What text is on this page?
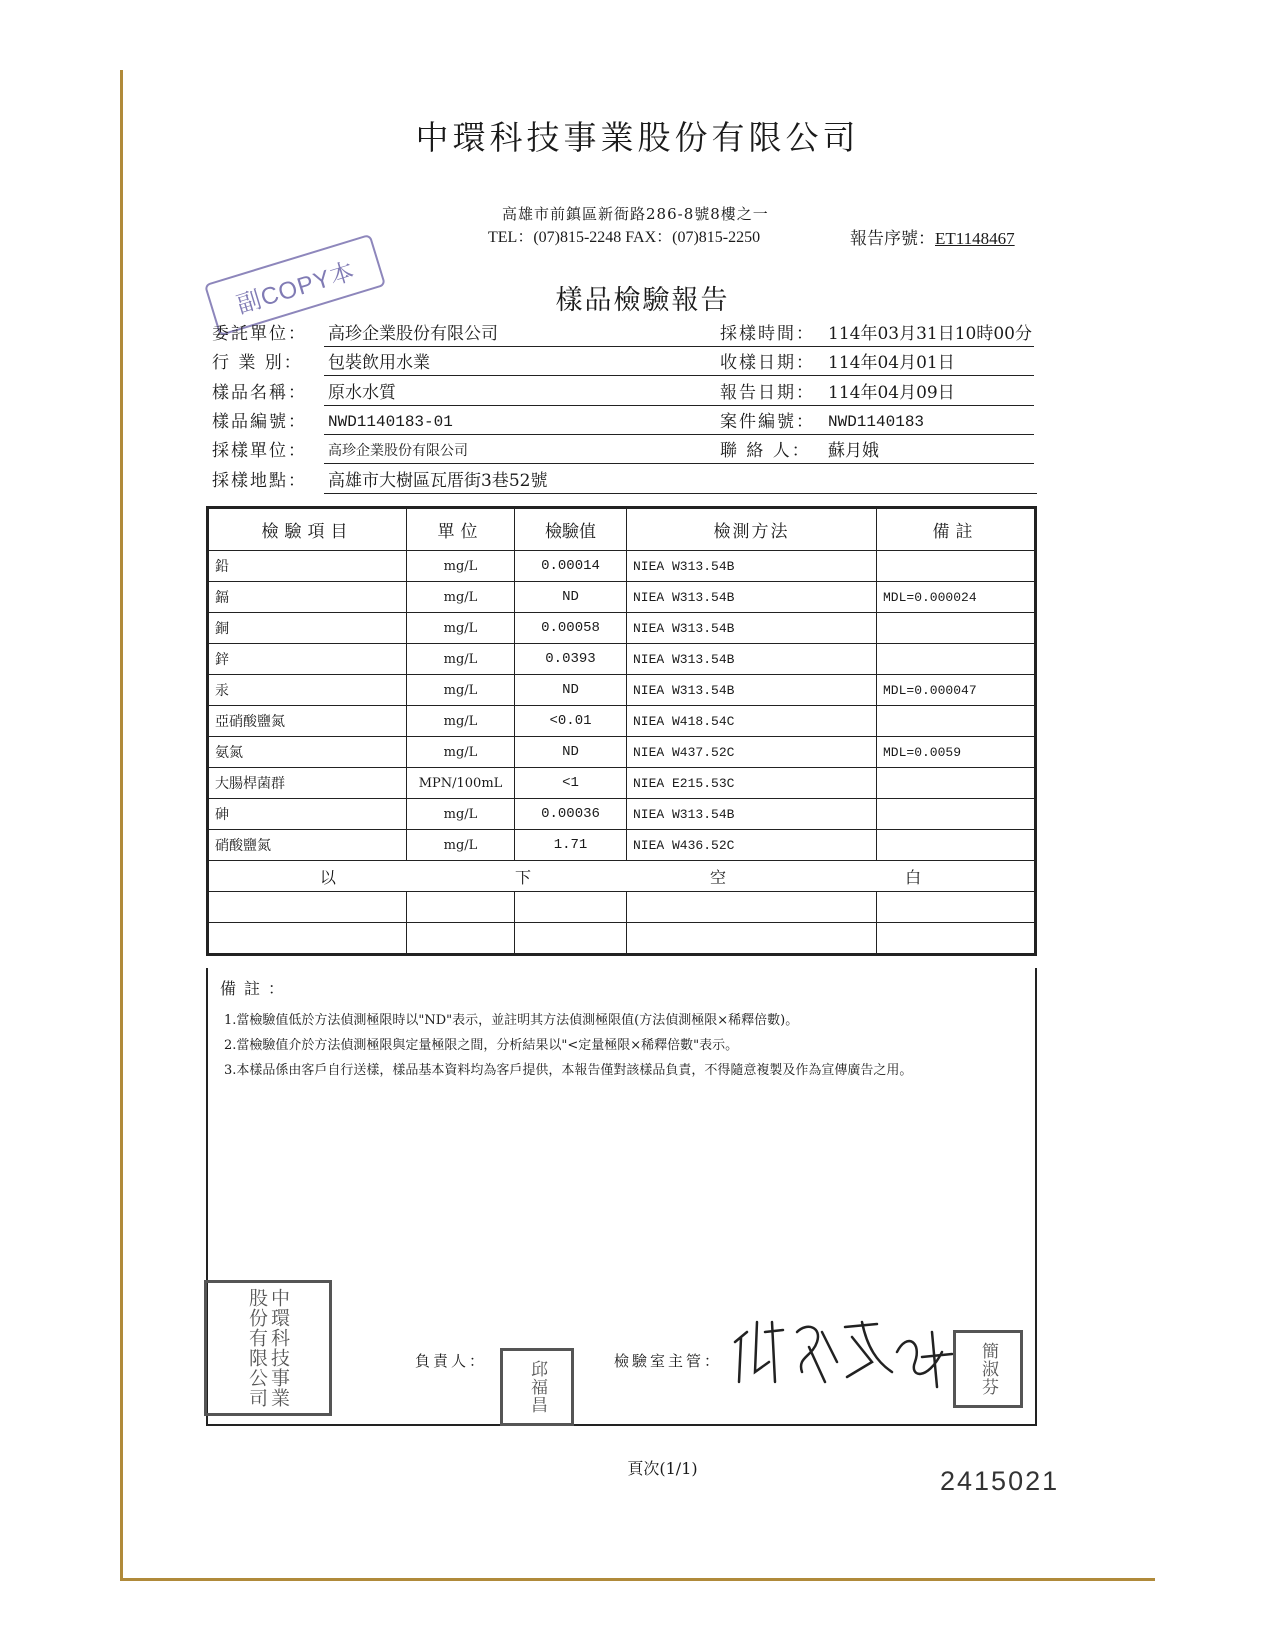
中環科技事業股份有限公司
高雄市前鎮區新衙路286-8號8樓之一
TEL：(07)815-2248 FAX：(07)815-2250	報告序號：ET1148467
樣品檢驗報告
副COPY本
委託單位： 高珍企業股份有限公司
行 業 別： 包裝飲用水業
樣品名稱： 原水水質
樣品編號： NWD1140183-01
採樣單位： 高珍企業股份有限公司
採樣地點： 高雄市大樹區瓦厝街3巷52號
採樣時間： 114年03月31日10時00分
收樣日期： 114年04月01日
報告日期： 114年04月09日
案件編號： NWD1140183
聯 絡 人： 蘇月娥
檢驗項目	單位	檢驗值	檢測方法	備註
鉛	mg/L	0.00014	NIEA W313.54B	
鎘	mg/L	ND	NIEA W313.54B	MDL=0.000024
銅	mg/L	0.00058	NIEA W313.54B	
鋅	mg/L	0.0393	NIEA W313.54B	
汞	mg/L	ND	NIEA W313.54B	MDL=0.000047
亞硝酸鹽氮	mg/L	<0.01	NIEA W418.54C	
氨氮	mg/L	ND	NIEA W437.52C	MDL=0.0059
大腸桿菌群	MPN/100mL	<1	NIEA E215.53C	
砷	mg/L	0.00036	NIEA W313.54B	
硝酸鹽氮	mg/L	1.71	NIEA W436.52C	
以 下 空 白				

備註：
1.當檢驗值低於方法偵測極限時以"ND"表示，並註明其方法偵測極限值(方法偵測極限×稀釋倍數)。
2.當檢驗值介於方法偵測極限與定量極限之間，分析結果以"<定量極限×稀釋倍數"表示。
3.本樣品係由客戶自行送樣，樣品基本資料均為客戶提供，本報告僅對該樣品負責，不得隨意複製及作為宣傳廣告之用。
中環科技事業股份有限公司	負責人： 邱福昌	檢驗室主管：	簡淑芬
頁次(1/1)	2415021
